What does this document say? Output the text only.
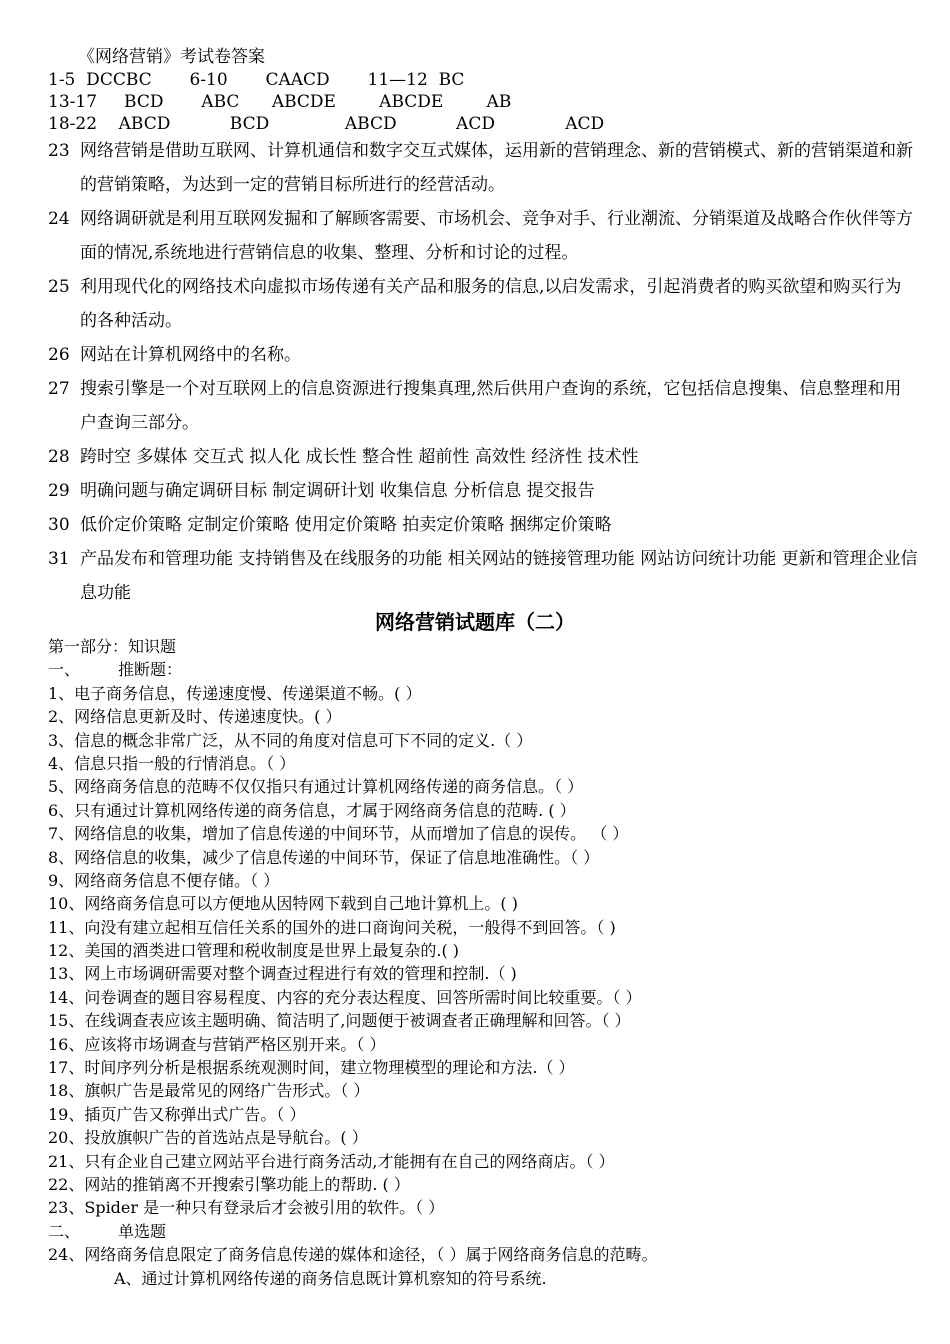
《网络营销》考试卷答案
1-5  DCCBC       6-10       CAACD       11—12  BC
13-17     BCD       ABC      ABCDE        ABCDE        AB
18-22    ABCD           BCD              ABCD           ACD             ACD
23 网络营销是借助互联网、计算机通信和数字交互式媒体，运用新的营销理念、新的营销模式、新的营销渠道和新的营销策略，为达到一定的营销目标所进行的经营活动。
24 网络调研就是利用互联网发掘和了解顾客需要、市场机会、竞争对手、行业潮流、分销渠道及战略合作伙伴等方面的情况,系统地进行营销信息的收集、整理、分析和讨论的过程。
25 利用现代化的网络技术向虚拟市场传递有关产品和服务的信息,以启发需求，引起消费者的购买欲望和购买行为的各种活动。
26 网站在计算机网络中的名称。
27 搜索引擎是一个对互联网上的信息资源进行搜集真理,然后供用户查询的系统，它包括信息搜集、信息整理和用户查询三部分。
28 跨时空 多媒体 交互式 拟人化 成长性 整合性 超前性 高效性 经济性 技术性
29 明确问题与确定调研目标 制定调研计划 收集信息 分析信息 提交报告
30 低价定价策略 定制定价策略 使用定价策略 拍卖定价策略 捆绑定价策略
31 产品发布和管理功能 支持销售及在线服务的功能 相关网站的链接管理功能 网站访问统计功能 更新和管理企业信息功能
网络营销试题库（二）
第一部分：知识题
一、 推断题：
1、电子商务信息，传递速度慢、传递渠道不畅。( ）
2、网络信息更新及时、传递速度快。( ）
3、信息的概念非常广泛，从不同的角度对信息可下不同的定义.（ ）
4、信息只指一般的行情消息。（ ）
5、网络商务信息的范畴不仅仅指只有通过计算机网络传递的商务信息。（ ）
6、只有通过计算机网络传递的商务信息，才属于网络商务信息的范畴. ( ）
7、网络信息的收集，增加了信息传递的中间环节，从而增加了信息的误传。 （ ）
8、网络信息的收集，减少了信息传递的中间环节，保证了信息地准确性。（ ）
9、网络商务信息不便存储。（ ）
10、网络商务信息可以方便地从因特网下载到自己地计算机上。( )
11、向没有建立起相互信任关系的国外的进口商询问关税，一般得不到回答。（ )
12、美国的酒类进口管理和税收制度是世界上最复杂的.( )
13、网上市场调研需要对整个调查过程进行有效的管理和控制.（ )
14、问卷调查的题目容易程度、内容的充分表达程度、回答所需时间比较重要。（ ）
15、在线调查表应该主题明确、简洁明了,问题便于被调查者正确理解和回答。（ ）
16、应该将市场调查与营销严格区别开来。（ ）
17、时间序列分析是根据系统观测时间，建立物理模型的理论和方法.（ ）
18、旗帜广告是最常见的网络广告形式。（ ）
19、插页广告又称弹出式广告。（ ）
20、投放旗帜广告的首选站点是导航台。( ）
21、只有企业自己建立网站平台进行商务活动,才能拥有在自己的网络商店。（ ）
22、网站的推销离不开搜索引擎功能上的帮助. ( ）
23、Spider 是一种只有登录后才会被引用的软件。（ ）
二、 单选题
24、网络商务信息限定了商务信息传递的媒体和途径，（ ）属于网络商务信息的范畴。
A、通过计算机网络传递的商务信息既计算机察知的符号系统.
